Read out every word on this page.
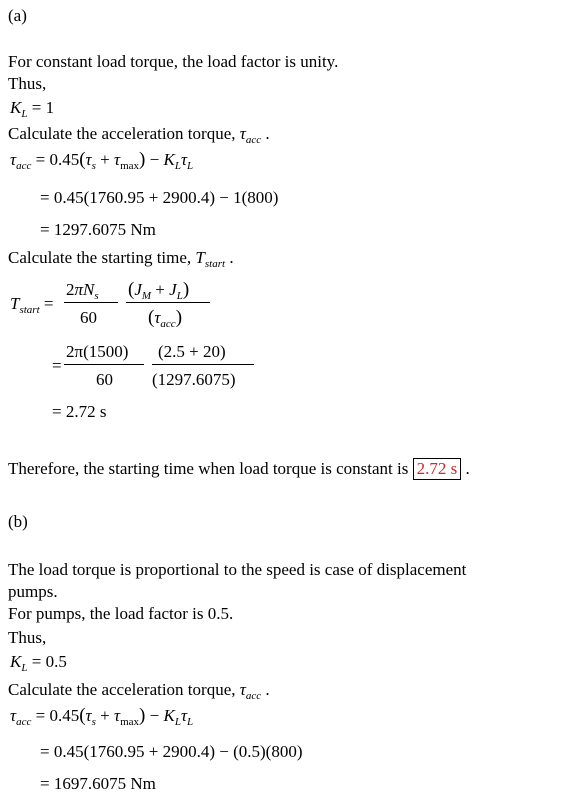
(a)
For constant load torque, the load factor is unity.
Thus,
$K_L = 1$
Calculate the acceleration torque, $\tau_{acc}$ .
$\tau_{acc} = 0.45(\tau_s + \tau_{max}) - K_L\tau_L$
= 0.45(1760.95 + 2900.4) − 1(800)
= 1297.6075 Nm
Calculate the starting time, $T_{start}$ .
$T_{start}$ =
$2\pi N_s$
60
$(J_M + J_L)$
$(\tau_{acc})$
=
2π(1500)
60
(2.5 + 20)
(1297.6075)
= 2.72 s
Therefore, the starting time when load torque is constant is 2.72 s .
(b)
The load torque is proportional to the speed is case of displacement
pumps.
For pumps, the load factor is 0.5.
Thus,
$K_L = 0.5$
Calculate the acceleration torque, $\tau_{acc}$ .
$\tau_{acc} = 0.45(\tau_s + \tau_{max}) - K_L\tau_L$
= 0.45(1760.95 + 2900.4) − (0.5)(800)
= 1697.6075 Nm
